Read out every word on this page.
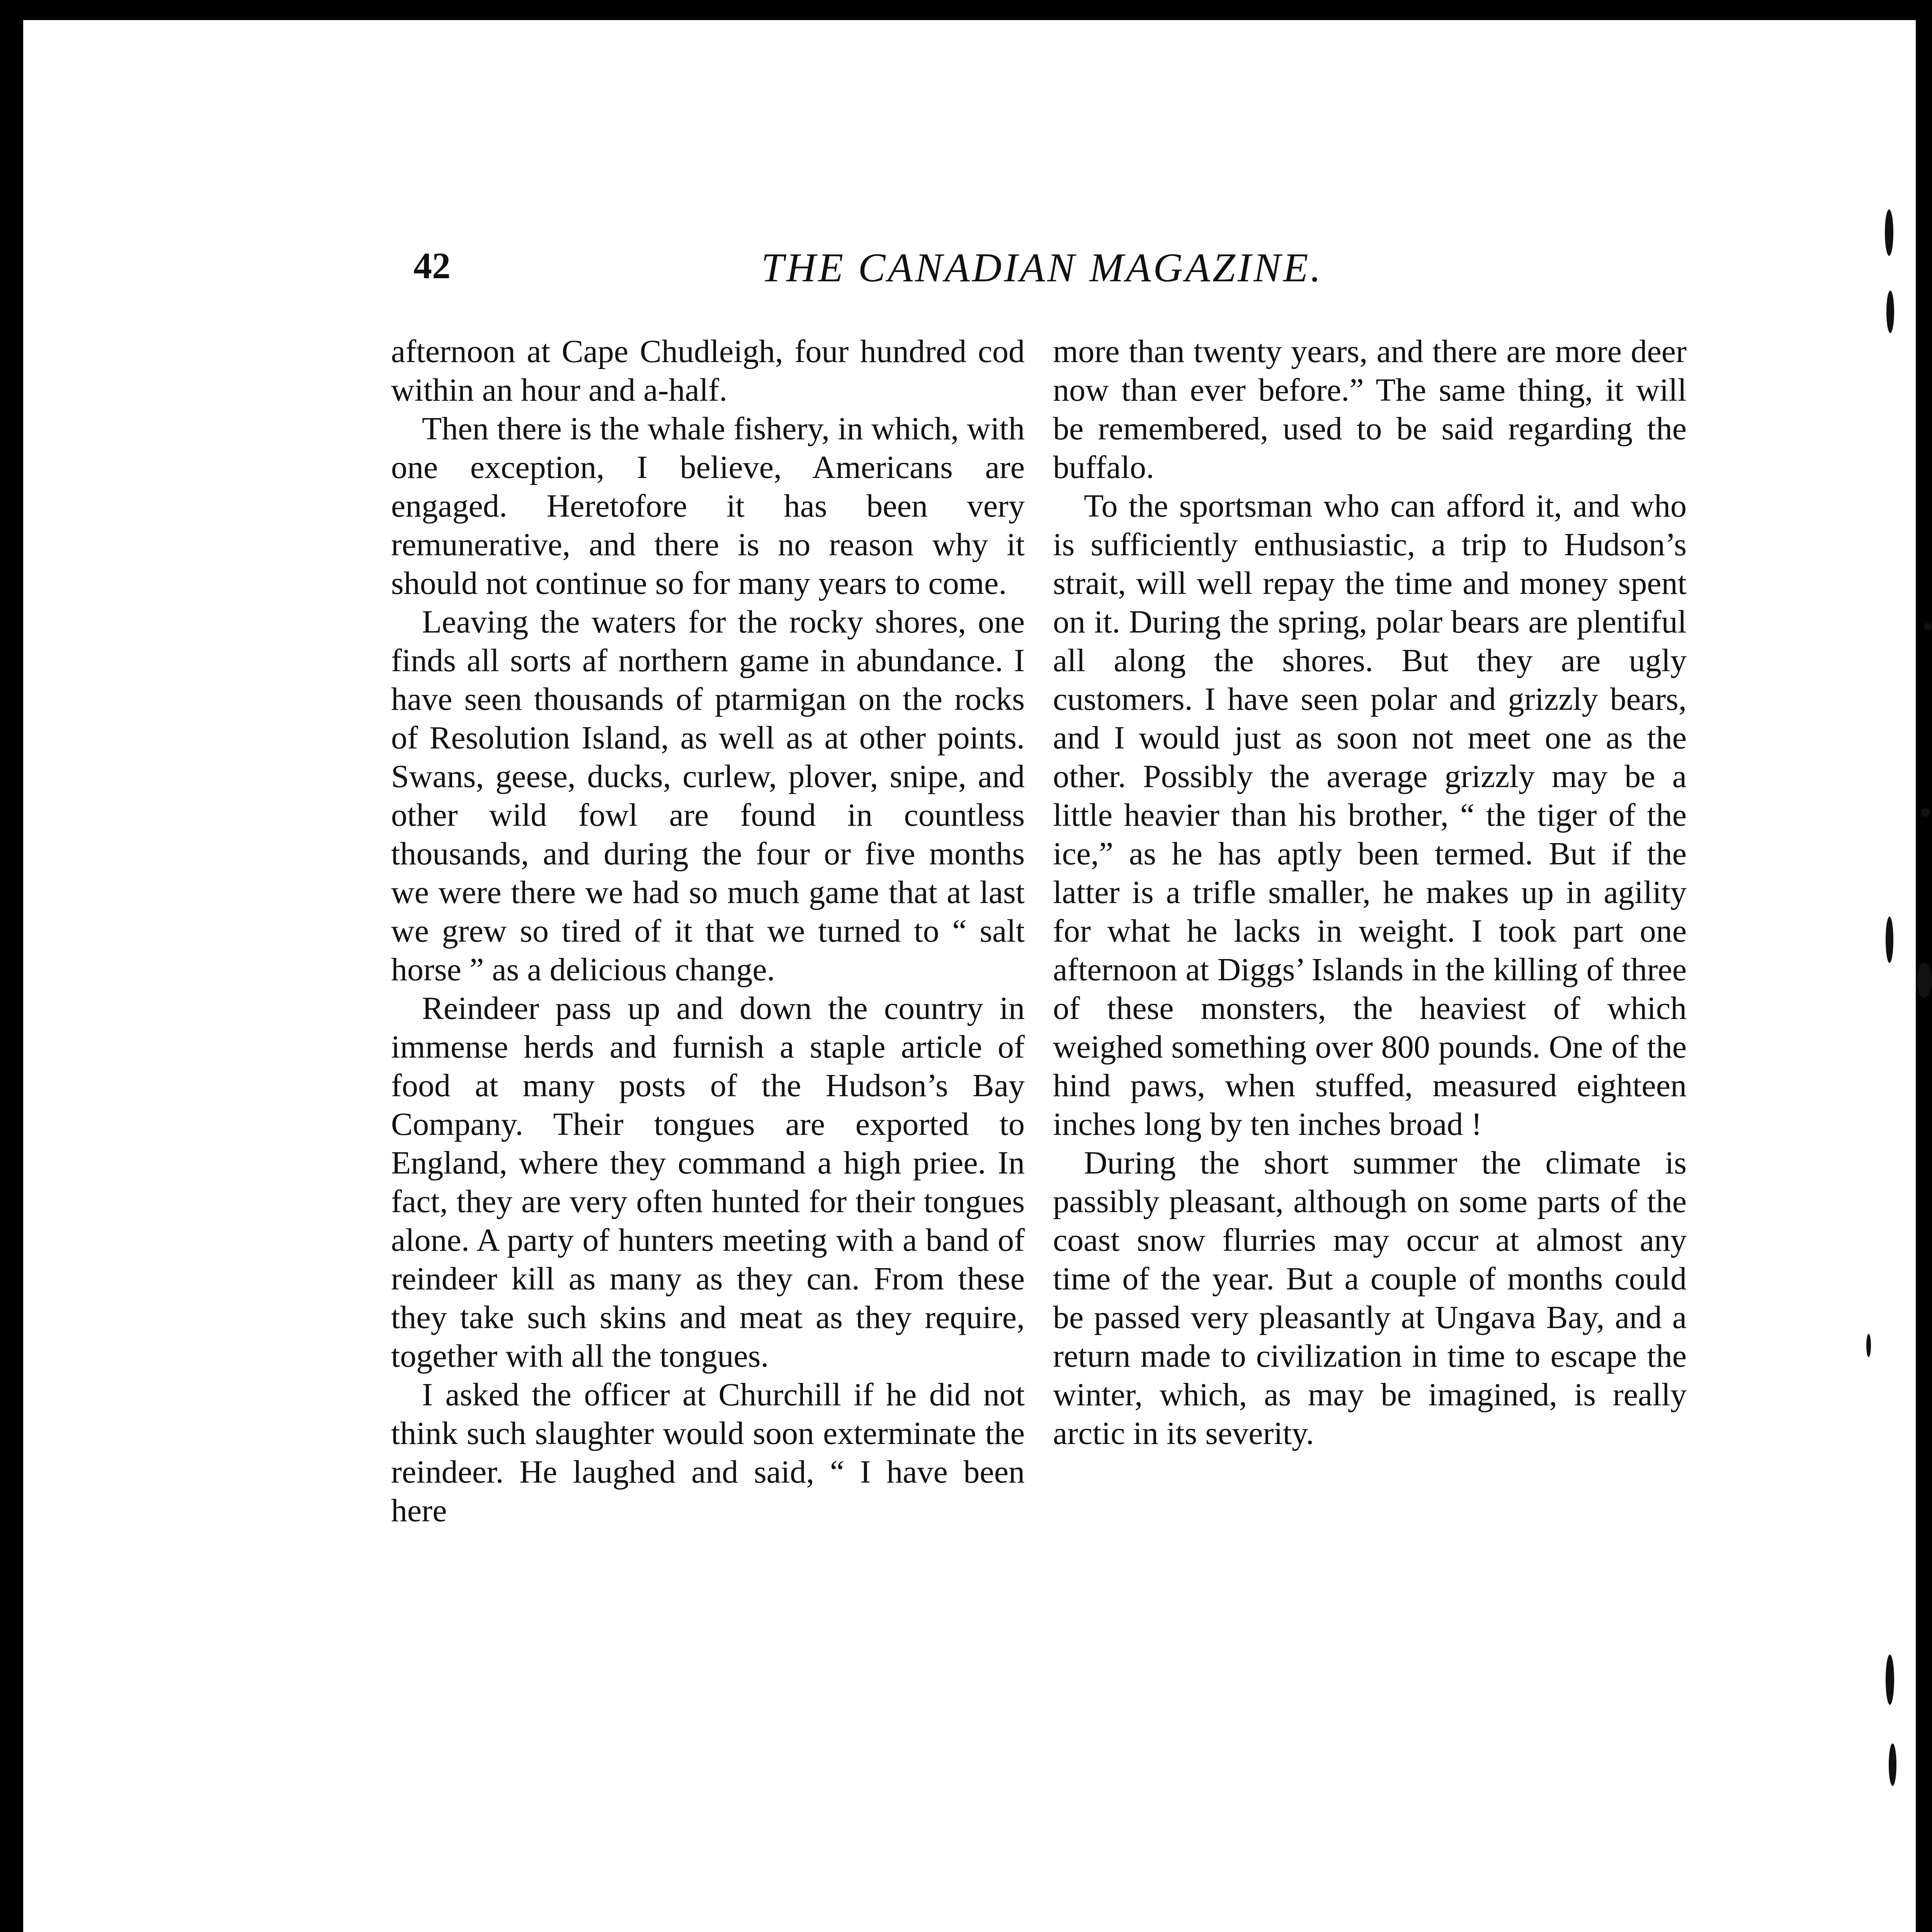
42	THE CANADIAN MAGAZINE.

afternoon at Cape Chudleigh, four hundred cod within an hour and a-half.

Then there is the whale fishery, in which, with one exception, I believe, Americans are engaged. Heretofore it has been very remunerative, and there is no reason why it should not continue so for many years to come.

Leaving the waters for the rocky shores, one finds all sorts af northern game in abundance. I have seen thousands of ptarmigan on the rocks of Resolution Island, as well as at other points. Swans, geese, ducks, curlew, plover, snipe, and other wild fowl are found in countless thousands, and during the four or five months we were there we had so much game that at last we grew so tired of it that we turned to “ salt horse ” as a delicious change.

Reindeer pass up and down the country in immense herds and furnish a staple article of food at many posts of the Hudson’s Bay Company. Their tongues are exported to England, where they command a high priee. In fact, they are very often hunted for their tongues alone. A party of hunters meeting with a band of reindeer kill as many as they can. From these they take such skins and meat as they require, together with all the tongues.

I asked the officer at Churchill if he did not think such slaughter would soon exterminate the reindeer. He laughed and said, “ I have been here

more than twenty years, and there are more deer now than ever before.” The same thing, it will be remembered, used to be said regarding the buffalo.

To the sportsman who can afford it, and who is sufficiently enthusiastic, a trip to Hudson’s strait, will well repay the time and money spent on it. During the spring, polar bears are plentiful all along the shores. But they are ugly customers. I have seen polar and grizzly bears, and I would just as soon not meet one as the other. Possibly the average grizzly may be a little heavier than his brother, “ the tiger of the ice,” as he has aptly been termed. But if the latter is a trifle smaller, he makes up in agility for what he lacks in weight. I took part one afternoon at Diggs’ Islands in the killing of three of these monsters, the heaviest of which weighed something over 800 pounds. One of the hind paws, when stuffed, measured eighteen inches long by ten inches broad !

During the short summer the climate is passibly pleasant, although on some parts of the coast snow flurries may occur at almost any time of the year. But a couple of months could be passed very pleasantly at Ungava Bay, and a return made to civilization in time to escape the winter, which, as may be imagined, is really arctic in its severity.
